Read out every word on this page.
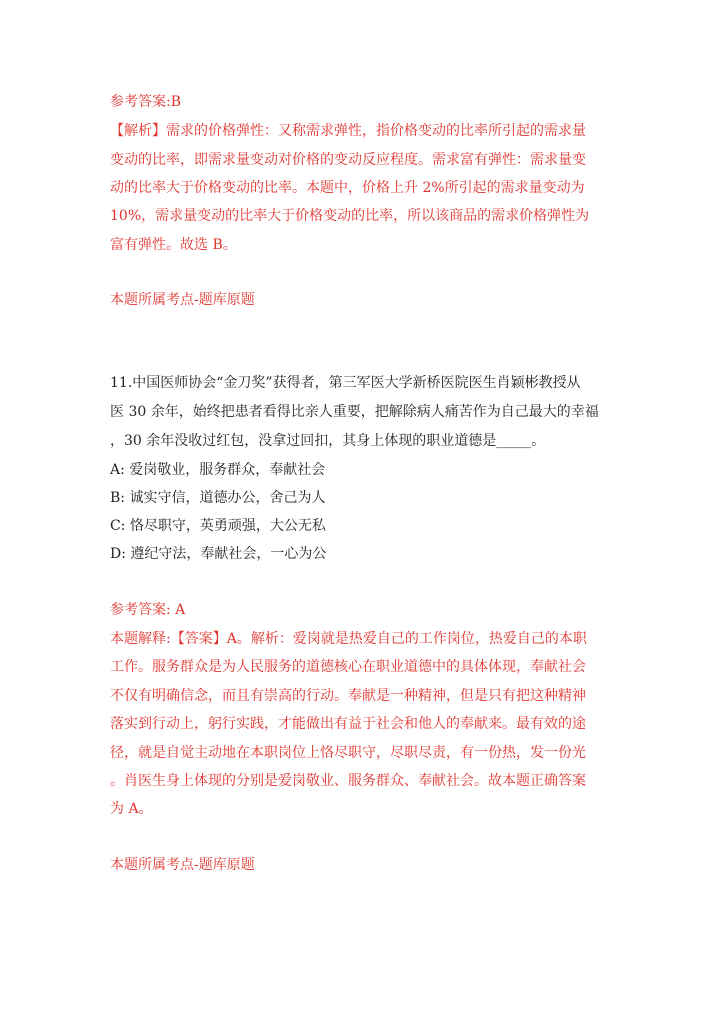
参考答案:B
【解析】需求的价格弹性：又称需求弹性，指价格变动的比率所引起的需求量
变动的比率，即需求量变动对价格的变动反应程度。需求富有弹性：需求量变
动的比率大于价格变动的比率。本题中，价格上升 2%所引起的需求量变动为
10%，需求量变动的比率大于价格变动的比率，所以该商品的需求价格弹性为
富有弹性。故选 B。
本题所属考点-题库原题
11.中国医师协会“金刀奖”获得者，第三军医大学新桥医院医生肖颖彬教授从
医 30 余年，始终把患者看得比亲人重要，把解除病人痛苦作为自己最大的幸福
，30 余年没收过红包，没拿过回扣，其身上体现的职业道德是_____。
A: 爱岗敬业，服务群众，奉献社会
B: 诚实守信，道德办公，舍己为人
C: 恪尽职守，英勇顽强，大公无私
D: 遵纪守法，奉献社会，一心为公
参考答案: A
本题解释:【答案】A。解析：爱岗就是热爱自己的工作岗位，热爱自己的本职
工作。服务群众是为人民服务的道德核心在职业道德中的具体体现，奉献社会
不仅有明确信念，而且有崇高的行动。奉献是一种精神，但是只有把这种精神
落实到行动上，躬行实践，才能做出有益于社会和他人的奉献来。最有效的途
径，就是自觉主动地在本职岗位上恪尽职守，尽职尽责，有一份热，发一份光
。肖医生身上体现的分别是爱岗敬业、服务群众、奉献社会。故本题正确答案
为 A。
本题所属考点-题库原题
